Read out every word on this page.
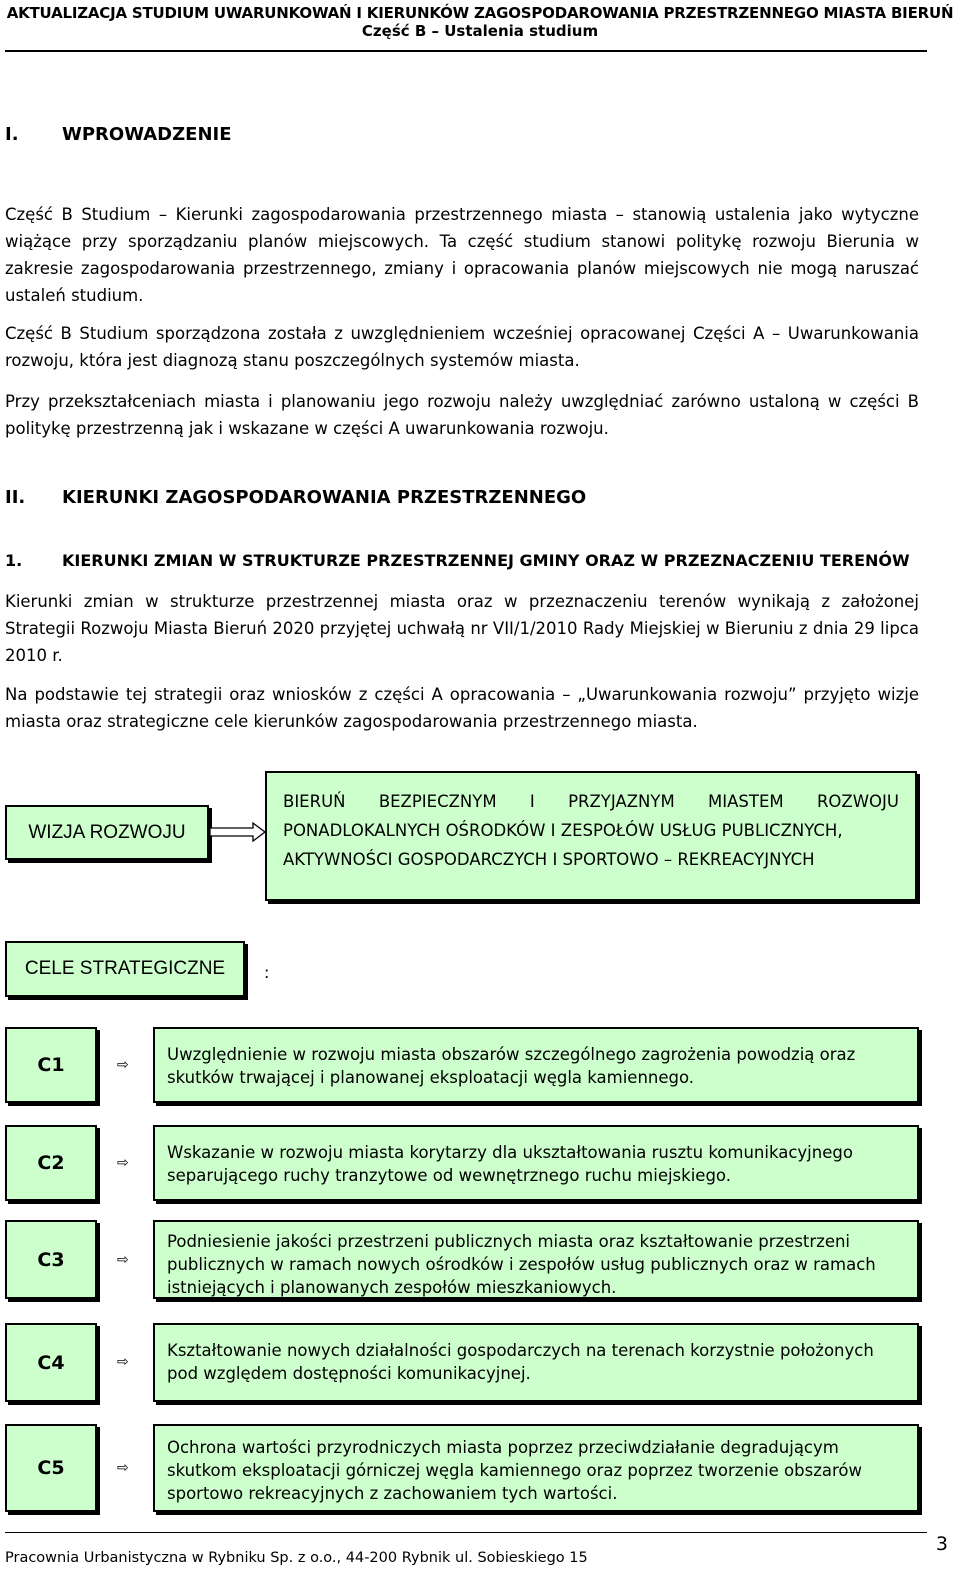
AKTUALIZACJA STUDIUM UWARUNKOWAŃ I KIERUNKÓW ZAGOSPODAROWANIA PRZESTRZENNEGO MIASTA BIERUŃ
Część B – Ustalenia studium
I. WPROWADZENIE
Część B Studium – Kierunki zagospodarowania przestrzennego miasta – stanowią ustalenia jako wytyczne wiążące przy sporządzaniu planów miejscowych. Ta część studium stanowi politykę rozwoju Bierunia w zakresie zagospodarowania przestrzennego, zmiany i opracowania planów miejscowych nie mogą naruszać ustaleń studium.
Część B Studium sporządzona została z uwzględnieniem wcześniej opracowanej Części A – Uwarunkowania rozwoju, która jest diagnozą stanu poszczególnych systemów miasta.
Przy przekształceniach miasta i planowaniu jego rozwoju należy uwzględniać zarówno ustaloną w części B politykę przestrzenną jak i wskazane w części A uwarunkowania rozwoju.
II. KIERUNKI ZAGOSPODAROWANIA PRZESTRZENNEGO
1. KIERUNKI ZMIAN W STRUKTURZE PRZESTRZENNEJ GMINY ORAZ W PRZEZNACZENIU TERENÓW
Kierunki zmian w strukturze przestrzennej miasta oraz w przeznaczeniu terenów wynikają z założonej Strategii Rozwoju Miasta Bieruń 2020 przyjętej uchwałą nr VII/1/2010 Rady Miejskiej w Bieruniu z dnia 29 lipca 2010 r.
Na podstawie tej strategii oraz wniosków z części A opracowania – „Uwarunkowania rozwoju” przyjęto wizje miasta oraz strategiczne cele kierunków zagospodarowania przestrzennego miasta.
WIZJA ROZWOJU
BIERUŃ BEZPIECZNYM I PRZYJAZNYM MIASTEM ROZWOJU
PONADLOKALNYCH OŚRODKÓW I ZESPOŁÓW USŁUG PUBLICZNYCH,
AKTYWNOŚCI GOSPODARCZYCH I SPORTOWO – REKREACYJNYCH
CELE STRATEGICZNE :
C1	⇨
Uwzględnienie w rozwoju miasta obszarów szczególnego zagrożenia powodzią oraz skutków trwającej i planowanej eksploatacji węgla kamiennego.
C2	⇨
Wskazanie w rozwoju miasta korytarzy dla ukształtowania rusztu komunikacyjnego separującego ruchy tranzytowe od wewnętrznego ruchu miejskiego.
C3	⇨
Podniesienie jakości przestrzeni publicznych miasta oraz kształtowanie przestrzeni publicznych w ramach nowych ośrodków i zespołów usług publicznych oraz w ramach istniejących i planowanych zespołów mieszkaniowych.
C4	⇨
Kształtowanie nowych działalności gospodarczych na terenach korzystnie położonych pod względem dostępności komunikacyjnej.
C5	⇨
Ochrona wartości przyrodniczych miasta poprzez przeciwdziałanie degradującym skutkom eksploatacji górniczej węgla kamiennego oraz poprzez tworzenie obszarów sportowo rekreacyjnych z zachowaniem tych wartości.
Pracownia Urbanistyczna w Rybniku Sp. z o.o., 44-200 Rybnik ul. Sobieskiego 15
3
